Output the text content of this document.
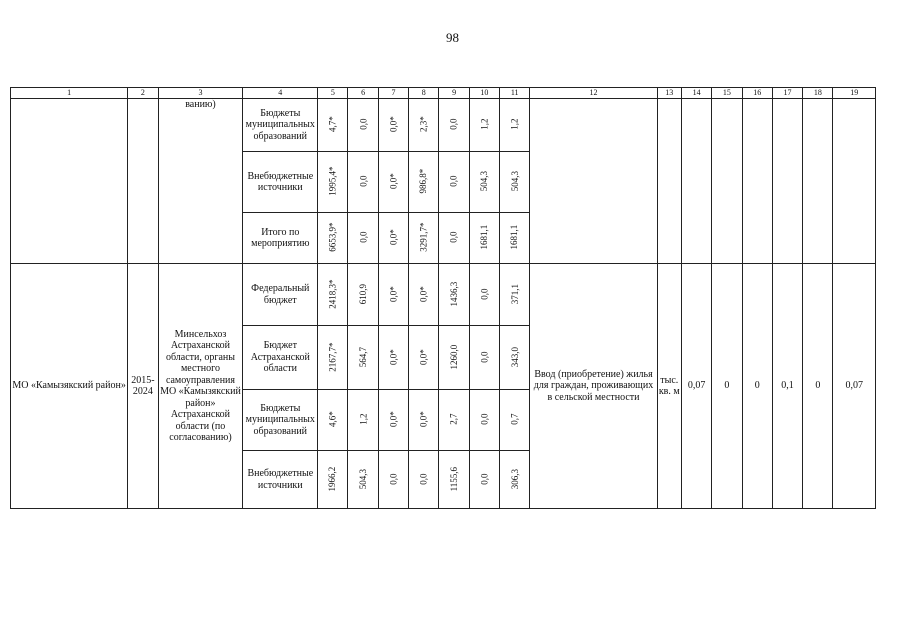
98
1	2	3	4	5	6	7	8	9	10	11	12	13	14	15	16	17	18	19
		ванию)	Бюджеты муниципальных образований	4,7*	0,0	0,0*	2,3*	0,0	1,2	1,2								
			Внебюджетные источники	1995,4*	0,0	0,0*	986,8*	0,0	504,3	504,3								
			Итого по мероприятию	6653,9*	0,0	0,0*	3291,7*	0,0	1681,1	1681,1								
МО «Камызякский район»	2015-2024	Минсельхоз Астраханской области, органы местного самоуправления МО «Камызякский район» Астраханской области (по согласованию)	Федеральный бюджет	2418,3*	610,9	0,0*	0,0*	1436,3	0,0	371,1	Ввод (приобретение) жилья для граждан, проживающих в сельской местности	тыс. кв. м	0,07	0	0	0,1	0	0,07
			Бюджет Астраханской области	2167,7*	564,7	0,0*	0,0*	1260,0	0,0	343,0								
			Бюджеты муниципальных образований	4,6*	1,2	0,0*	0,0*	2,7	0,0	0,7								
			Внебюджетные источники	1966,2	504,3	0,0	0,0	1155,6	0,0	306,3								
